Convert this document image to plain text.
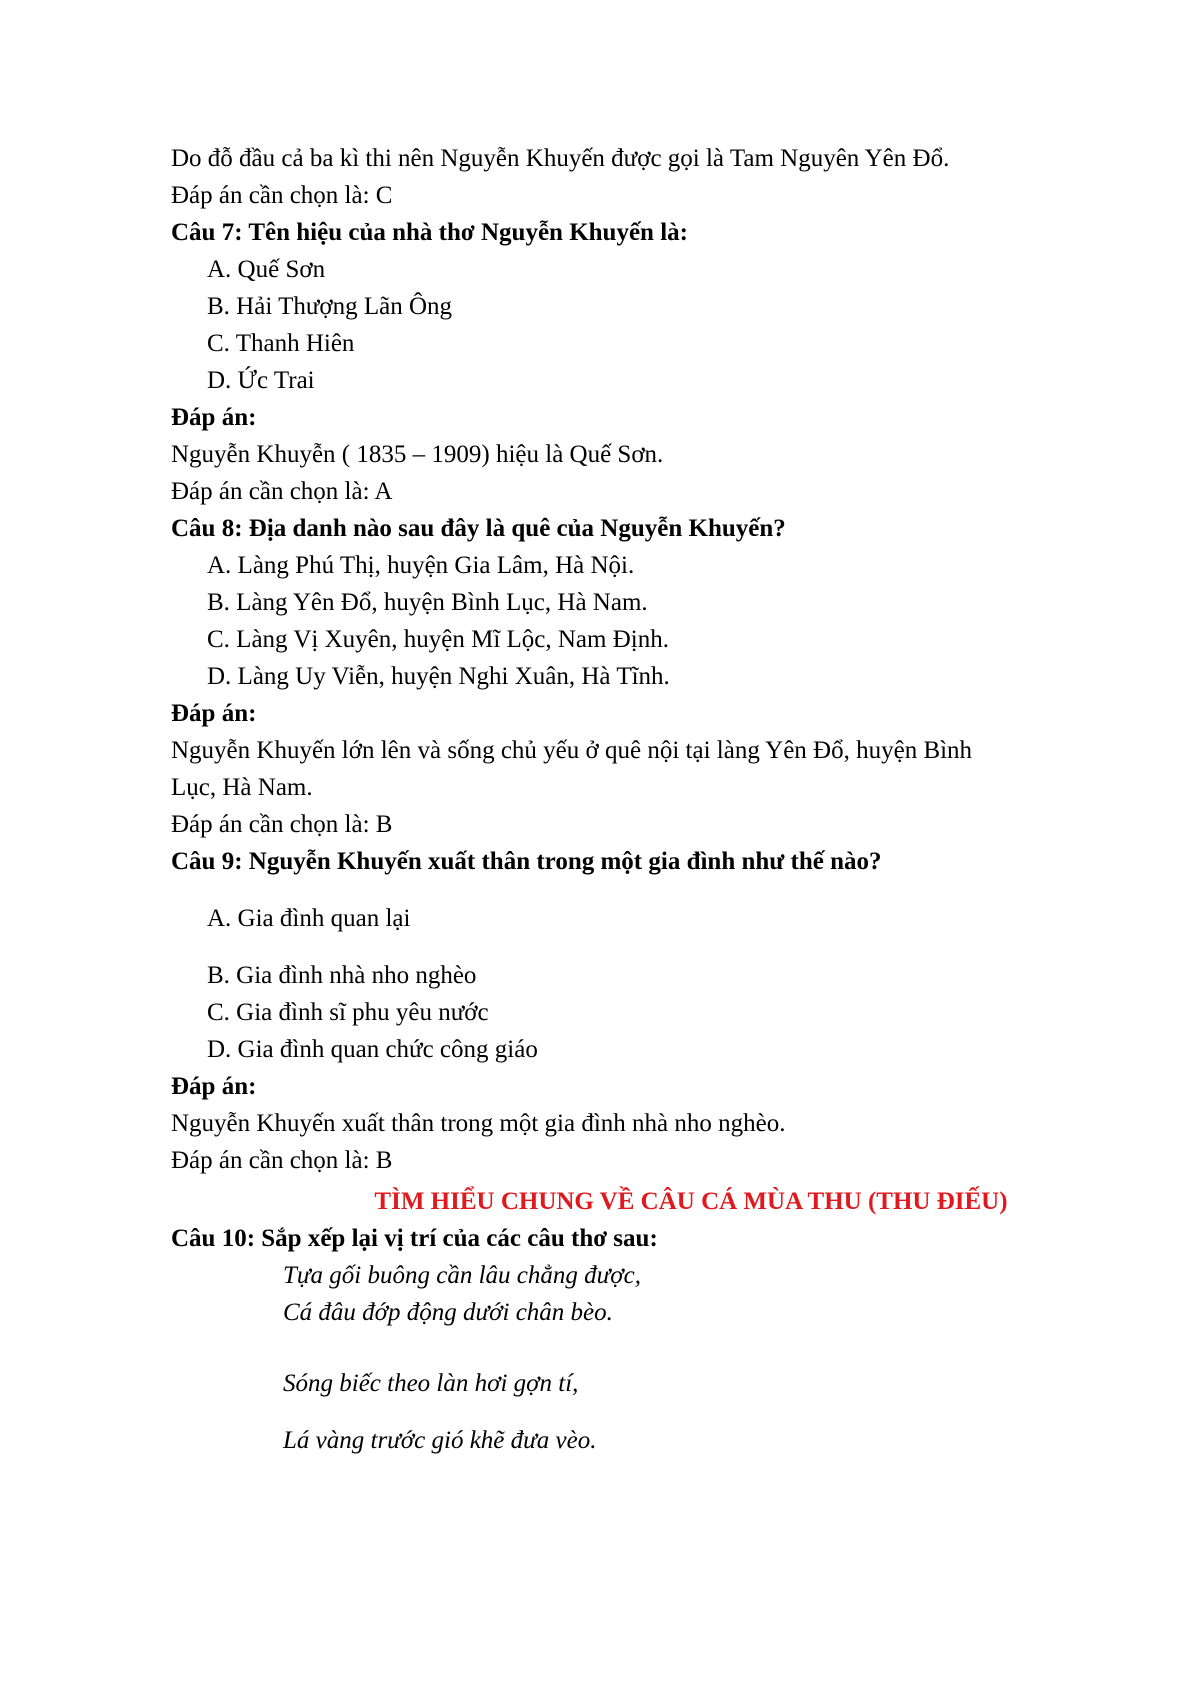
Do đỗ đầu cả ba kì thi nên Nguyễn Khuyến được gọi là Tam Nguyên Yên Đổ.
Đáp án cần chọn là: C
Câu 7: Tên hiệu của nhà thơ Nguyễn Khuyến là:
A. Quế Sơn
B. Hải Thượng Lãn Ông
C. Thanh Hiên
D. Ức Trai
Đáp án:
Nguyễn Khuyễn ( 1835 – 1909) hiệu là Quế Sơn.
Đáp án cần chọn là: A
Câu 8: Địa danh nào sau đây là quê của Nguyễn Khuyến?
A. Làng Phú Thị, huyện Gia Lâm, Hà Nội.
B. Làng Yên Đổ, huyện Bình Lục, Hà Nam.
C. Làng Vị Xuyên, huyện Mĩ Lộc, Nam Định.
D. Làng Uy Viễn, huyện Nghi Xuân, Hà Tĩnh.
Đáp án:
Nguyễn Khuyến lớn lên và sống chủ yếu ở quê nội tại làng Yên Đổ, huyện Bình
Lục, Hà Nam.
Đáp án cần chọn là: B
Câu 9: Nguyễn Khuyến xuất thân trong một gia đình như thế nào?
A. Gia đình quan lại
B. Gia đình nhà nho nghèo
C. Gia đình sĩ phu yêu nước
D. Gia đình quan chức công giáo
Đáp án:
Nguyễn Khuyến xuất thân trong một gia đình nhà nho nghèo.
Đáp án cần chọn là: B
TÌM HIỂU CHUNG VỀ CÂU CÁ MÙA THU (THU ĐIẾU)
Câu 10: Sắp xếp lại vị trí của các câu thơ sau:
Tựa gối buông cần lâu chẳng được,
Cá đâu đớp động dưới chân bèo.
Sóng biếc theo làn hơi gợn tí,
Lá vàng trước gió khẽ đưa vèo.
